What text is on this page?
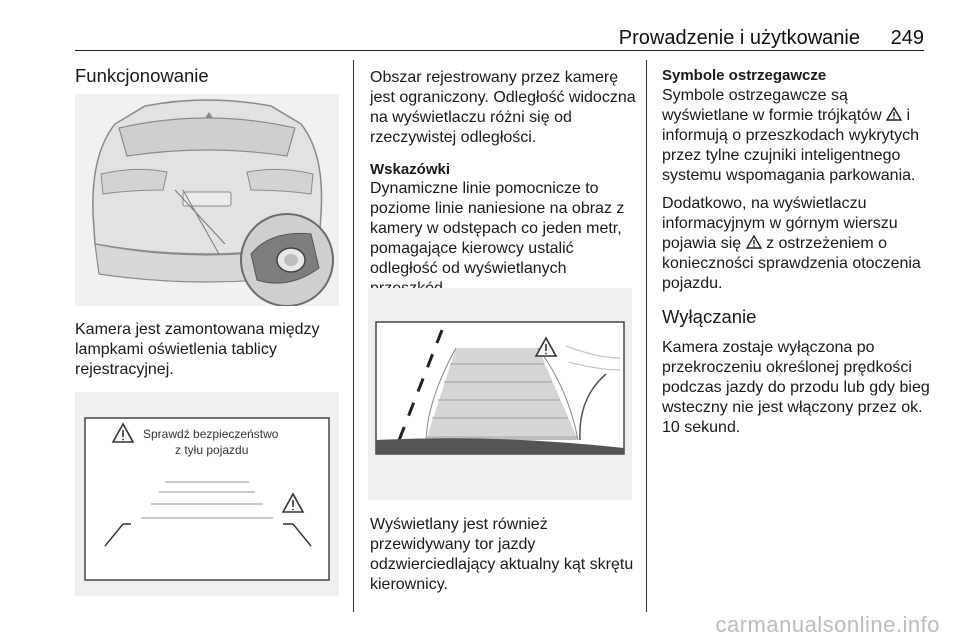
Prowadzenie i użytkowanie	249

Funkcjonowanie

Kamera jest zamontowana między lampkami oświetlenia tablicy rejestracyjnej.

Sprawdź bezpieczeństwo
z tyłu pojazdu

Obszar rejestrowany przez kamerę jest ograniczony. Odległość widoczna na wyświetlaczu różni się od rzeczywistej odległości.

Wskazówki

Dynamiczne linie pomocnicze to poziome linie naniesione na obraz z kamery w odstępach co jeden metr, pomagające kierowcy ustalić odległość od wyświetlanych

Wyświetlany jest również przewidywany tor jazdy odzwierciedlający aktualny kąt skrętu kierownicy.

Symbole ostrzegawcze

Symbole ostrzegawcze są wyświetlane w formie trójkątów i informują o przeszkodach wykrytych przez tylne czujniki inteligentnego systemu wspomagania parkowania.

Dodatkowo, na wyświetlaczu informacyjnym w górnym wierszu pojawia się z ostrzeżeniem o konieczności sprawdzenia otoczenia pojazdu.

Wyłączanie

Kamera zostaje wyłączona po przekroczeniu określonej prędkości podczas jazdy do przodu lub gdy bieg wsteczny nie jest włączony przez ok. 10 sekund.

carmanualsonline.info
